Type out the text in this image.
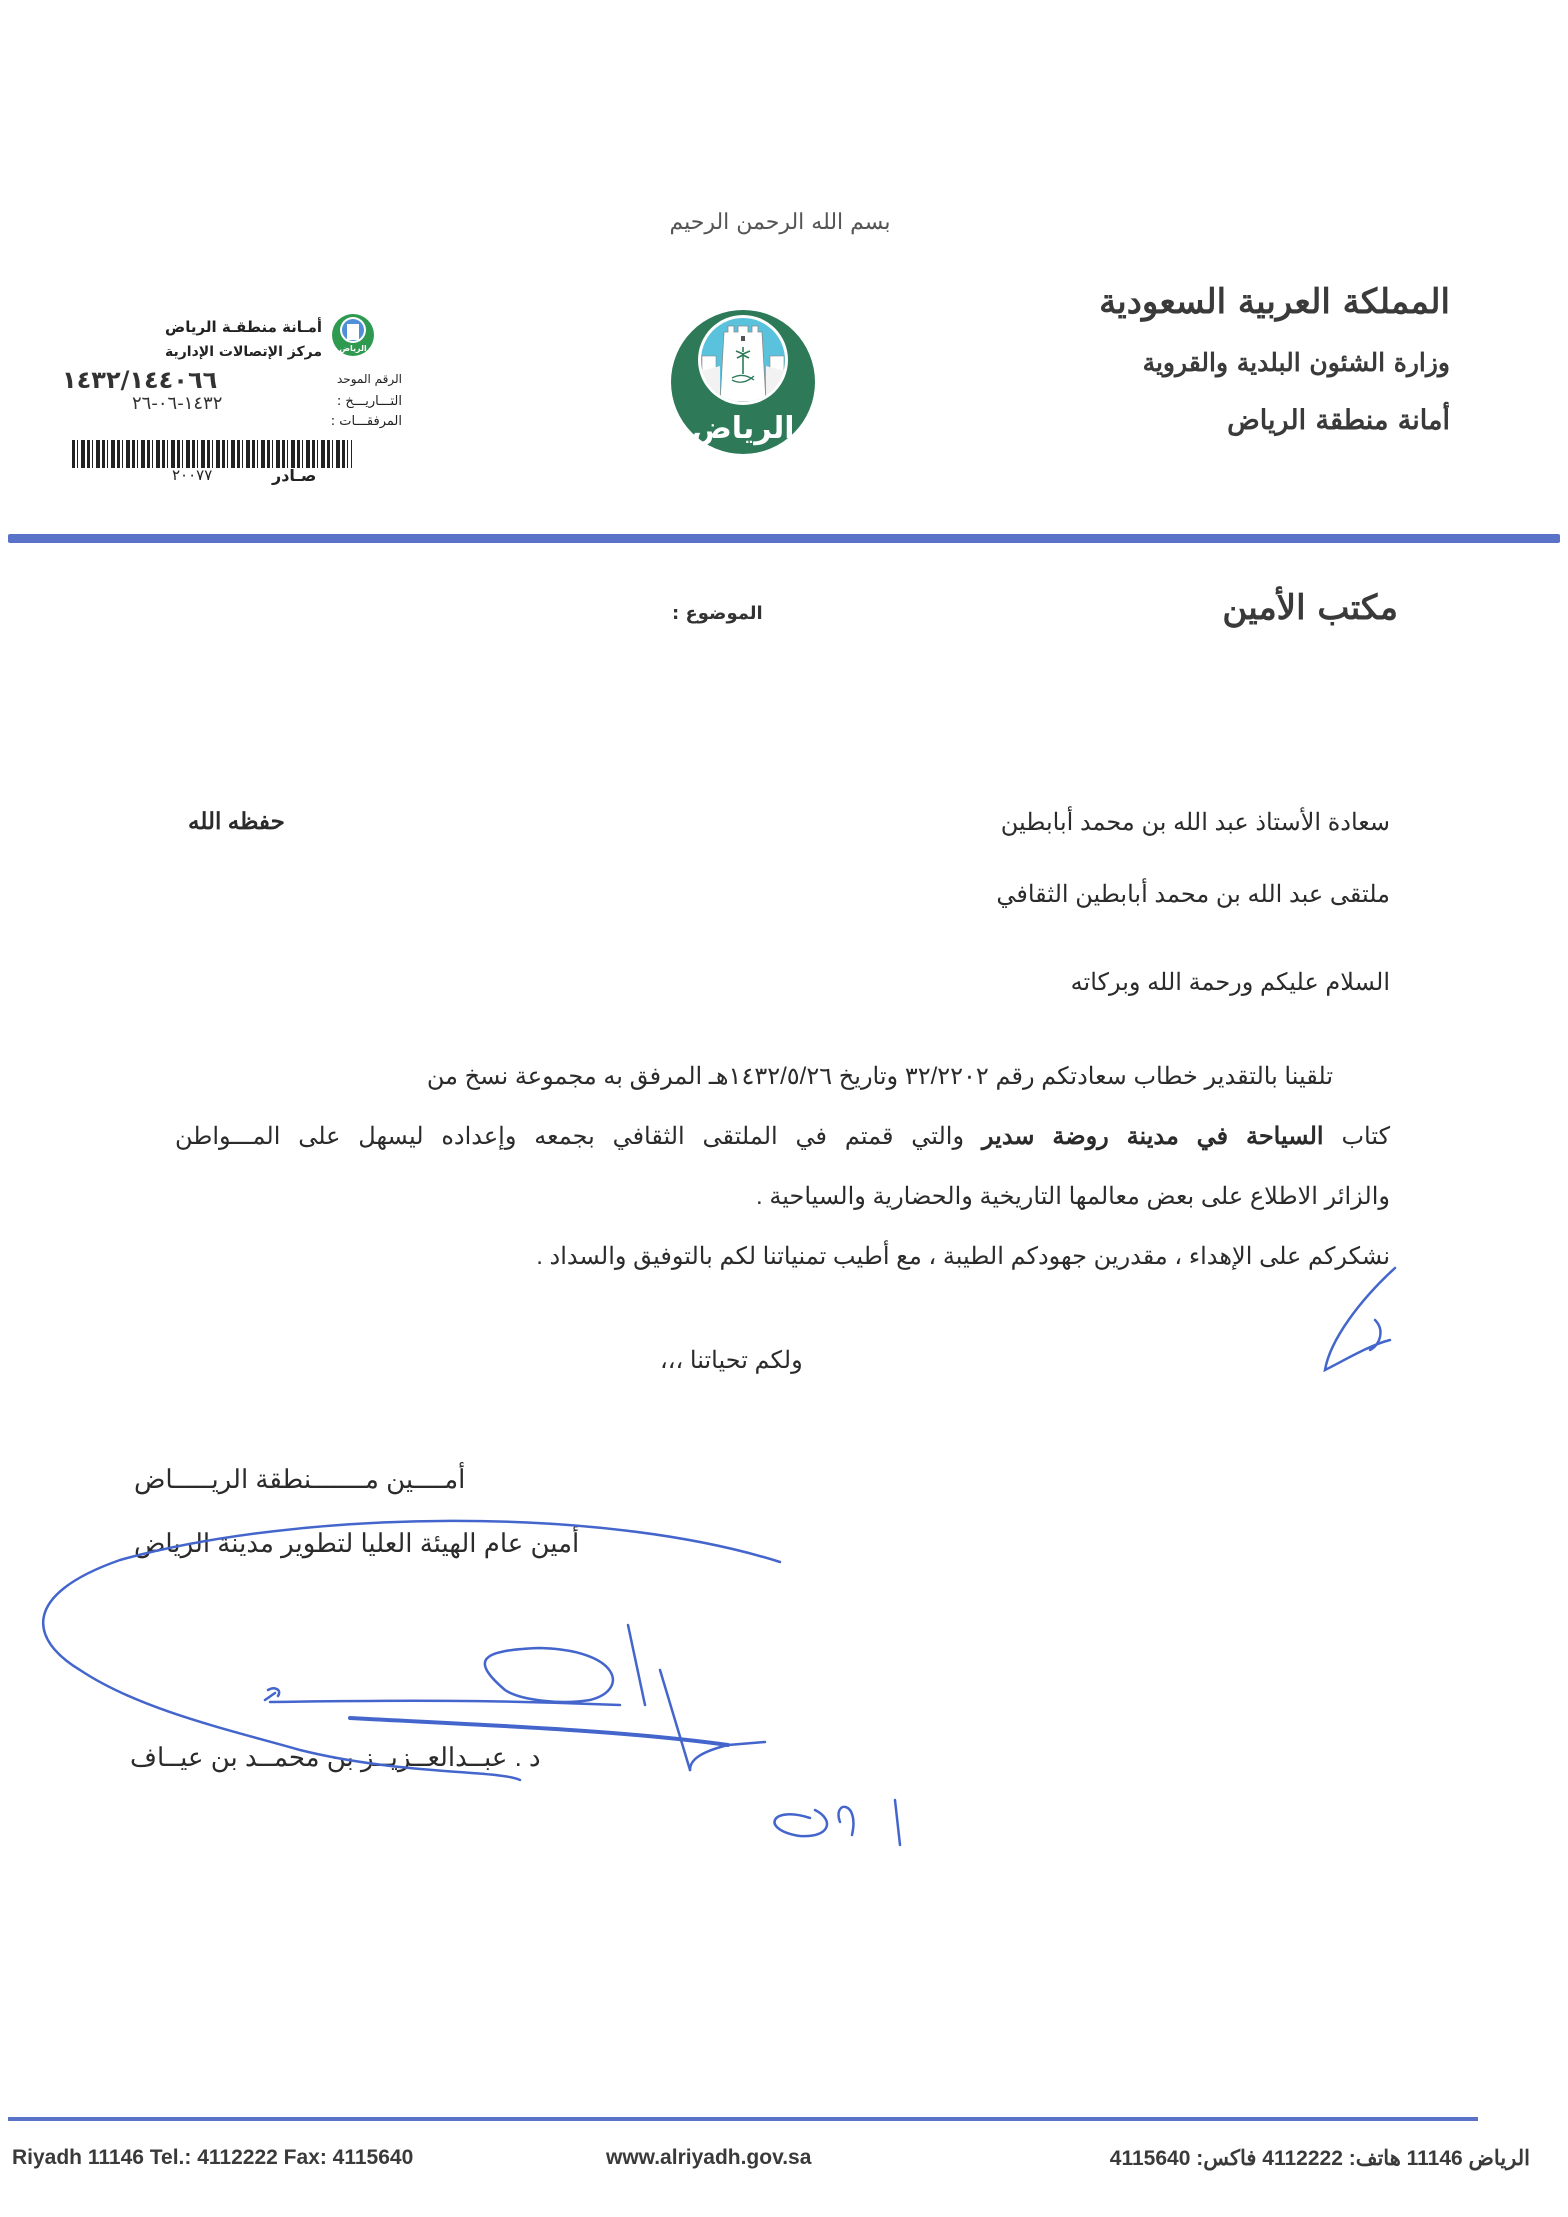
بسم الله الرحمن الرحيم
المملكة العربية السعودية
وزارة الشئون البلدية والقروية
أمانة منطقة الرياض
الرياض
الرياض
أمـانة منطقـة الرياض
مركز الإتصالات الإدارية
الرقم الموحد
١٤٣٢/١٤٤٠٦٦
التـــاريـــخ :
١٤٣٢-٠٦-٢٦
المرفقـــات :
صـادر
٢٠٠٧٧
مكتب الأمين
الموضوع :
سعادة الأستاذ عبد الله بن محمد أبابطين
حفظه الله
ملتقى عبد الله بن محمد أبابطين الثقافي
السلام عليكم ورحمة الله وبركاته
تلقينا بالتقدير خطاب سعادتكم رقم ٣٢/٢٢٠٢ وتاريخ ١٤٣٢/٥/٢٦هـ المرفق به مجموعة نسخ من
كتاب السياحة في مدينة روضة سدير والتي قمتم في الملتقى الثقافي بجمعه وإعداده ليسهل على المـــواطن
والزائر الاطلاع على بعض معالمها التاريخية والحضارية والسياحية .
نشكركم على الإهداء ، مقدرين جهودكم الطيبة ، مع أطيب تمنياتنا لكم بالتوفيق والسداد .
ولكم تحياتنا ،،،
أمــــين مـــــــنطقة الريـــــاض
أمين عام الهيئة العليا لتطوير مدينة الرياض
د . عبــدالعــزيــز بن محمــد بن عيــاف
Riyadh 11146 Tel.: 4112222 Fax: 4115640	www.alriyadh.gov.sa	الرياض 11146 هاتف: 4112222 فاكس: 4115640
